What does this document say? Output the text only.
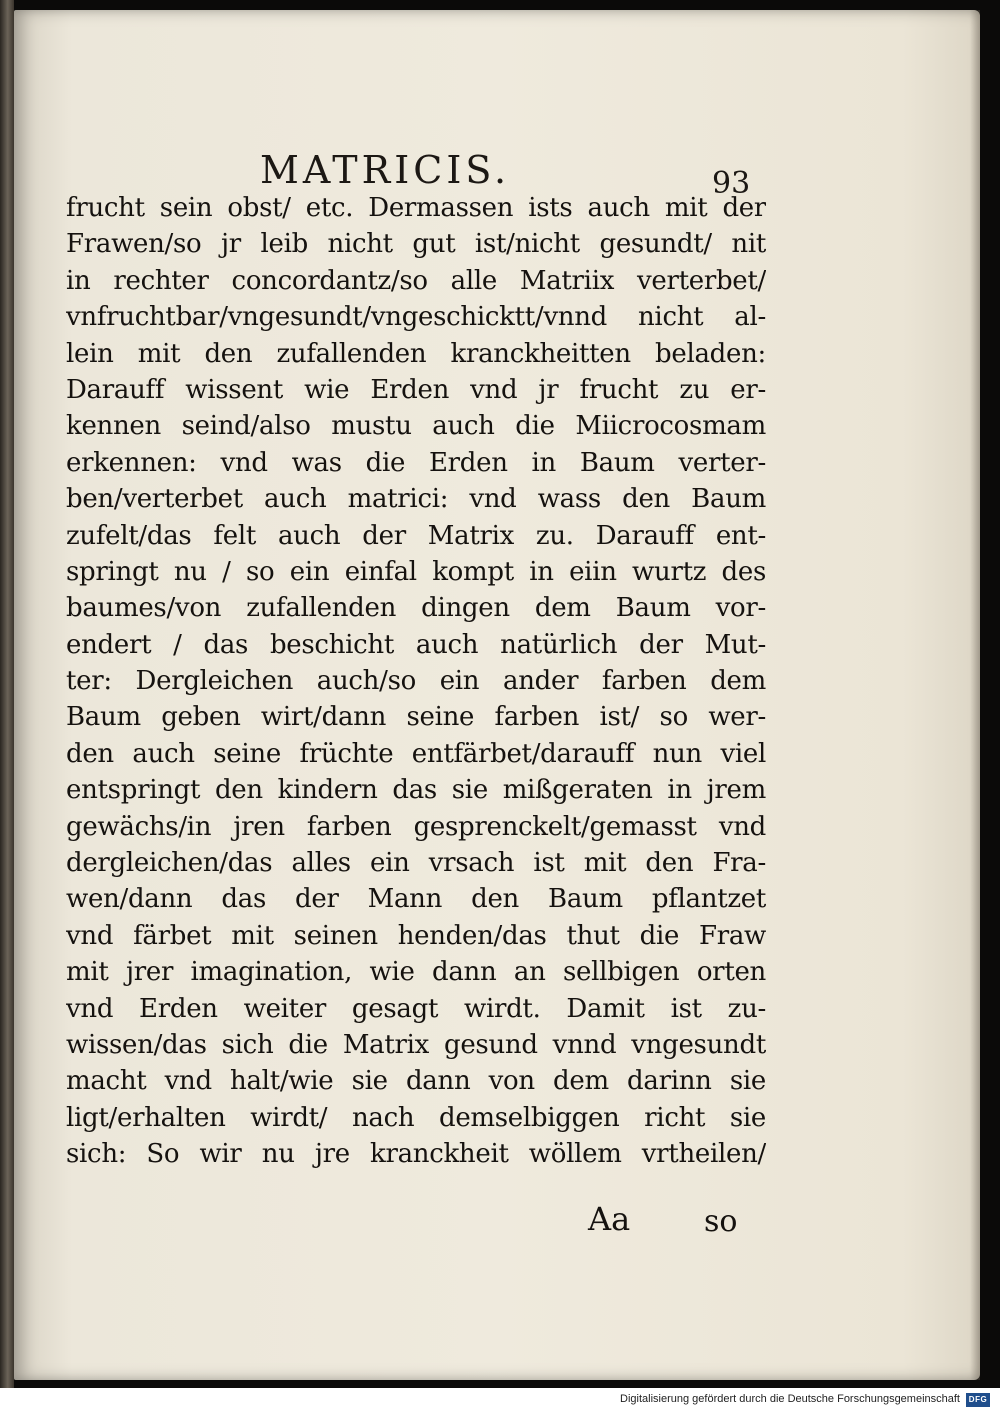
MATRICIS.	93
frucht sein obst/ etc. Dermassen ists auch mit der
Frawen/so jr leib nicht gut ist/nicht gesundt/ nit
in rechter concordantz/so alle Matriix verterbet/
vnfruchtbar/vngesundt/vngeschicktt/vnnd nicht al-
lein mit den zufallenden kranckheitten beladen:
Darauff wissent wie Erden vnd jr frucht zu er-
kennen seind/also mustu auch die Miicrocosmam
erkennen: vnd was die Erden in Baum verter-
ben/verterbet auch matrici: vnd wass den Baum
zufelt/das felt auch der Matrix zu. Darauff ent-
springt nu / so ein einfal kompt in eiin wurtz des
baumes/von zufallenden dingen dem Baum vor-
endert / das beschicht auch natürlich der Mut-
ter: Dergleichen auch/so ein ander farben dem
Baum geben wirt/dann seine farben ist/ so wer-
den auch seine früchte entfärbet/darauff nun viel
entspringt den kindern das sie mißgeraten in jrem
gewächs/in jren farben gesprenckelt/gemasst vnd
dergleichen/das alles ein vrsach ist mit den Fra-
wen/dann das der Mann den Baum pflantzet
vnd färbet mit seinen henden/das thut die Fraw
mit jrer imagination, wie dann an sellbigen orten
vnd Erden weiter gesagt wirdt. Damit ist zu-
wissen/das sich die Matrix gesund vnnd vngesundt
macht vnd halt/wie sie dann von dem darinn sie
ligt/erhalten wirdt/ nach demselbiggen richt sie
sich: So wir nu jre kranckheit wöllem vrtheilen/
Aa so
Digitalisierung gefördert durch die Deutsche Forschungsgemeinschaft	DFG
